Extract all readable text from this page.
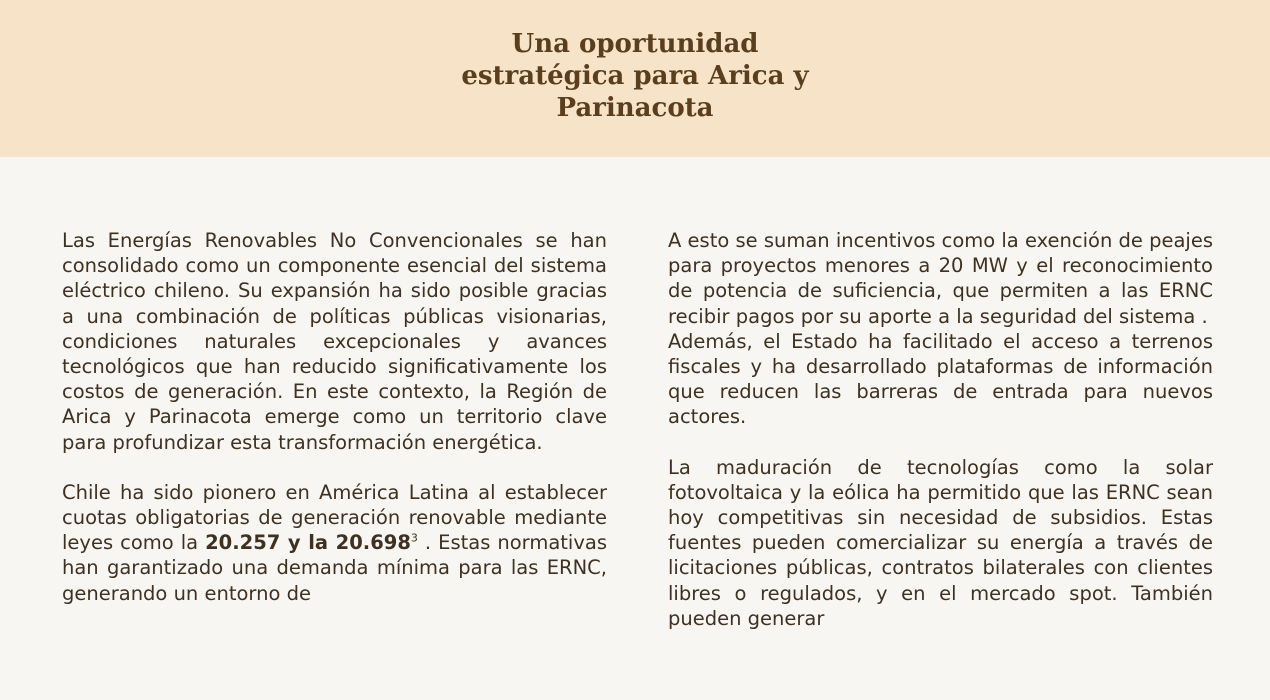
Una oportunidad
estratégica para Arica y
Parinacota

Las Energías Renovables No Convencionales se han consolidado como un componente esencial del sistema eléctrico chileno. Su expansión ha sido posible gracias a una combinación de políticas públicas visionarias, condiciones naturales excepcionales y avances tecnológicos que han reducido significativamente los costos de generación. En este contexto, la Región de Arica y Parinacota emerge como un territorio clave para profundizar esta transformación energética.

Chile ha sido pionero en América Latina al establecer cuotas obligatorias de generación renovable mediante leyes como la 20.257 y la 20.698$^3$ . Estas normativas han garantizado una demanda mínima para las ERNC, generando un entorno de

A esto se suman incentivos como la exención de peajes para proyectos menores a 20 MW y el reconocimiento de potencia de suficiencia, que permiten a las ERNC recibir pagos por su aporte a la seguridad del sistema .

Además, el Estado ha facilitado el acceso a terrenos fiscales y ha desarrollado plataformas de información que reducen las barreras de entrada para nuevos actores.

La maduración de tecnologías como la solar fotovoltaica y la eólica ha permitido que las ERNC sean hoy competitivas sin necesidad de subsidios. Estas fuentes pueden comercializar su energía a través de licitaciones públicas, contratos bilaterales con clientes libres o regulados, y en el mercado spot. También pueden generar
